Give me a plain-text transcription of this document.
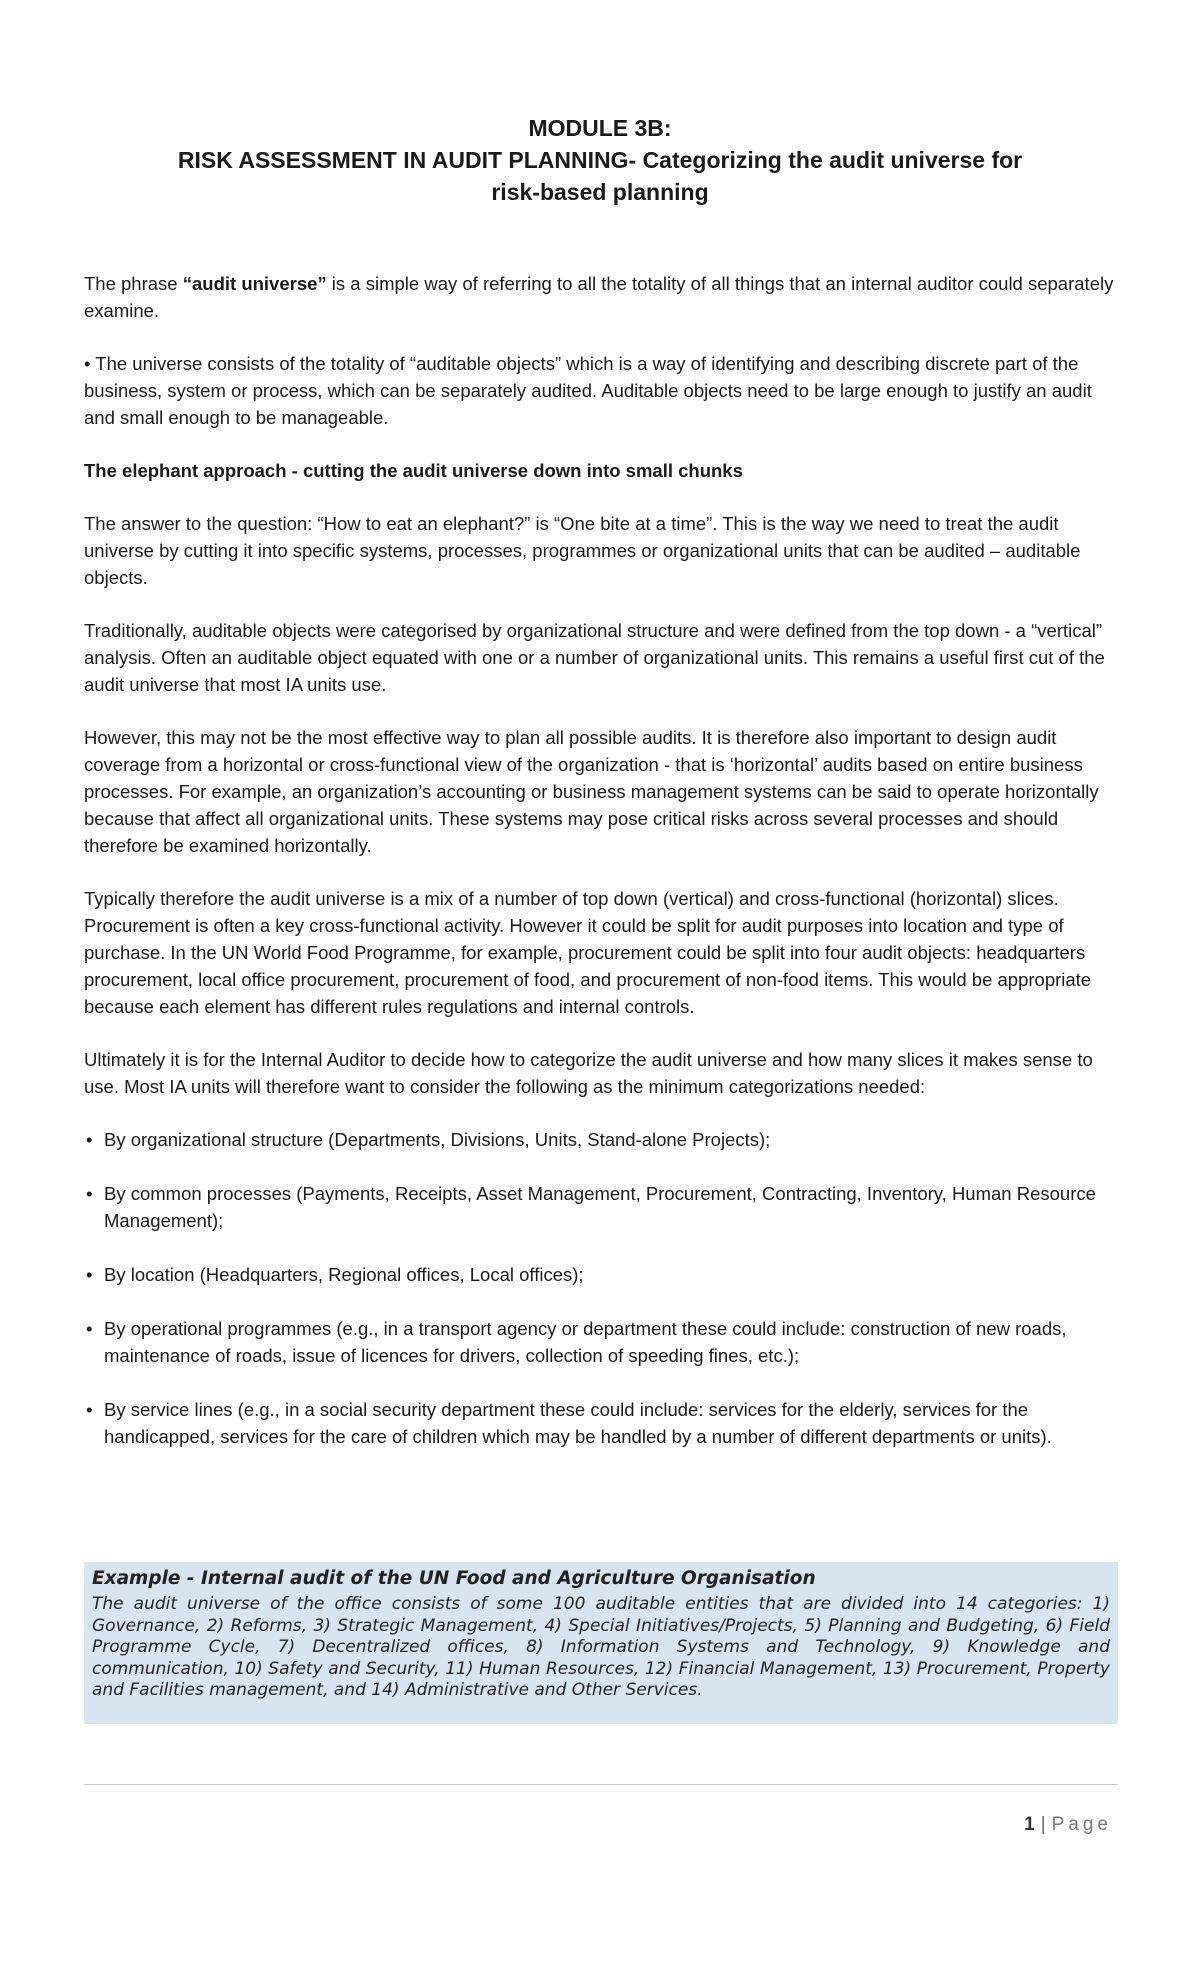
MODULE 3B:
RISK ASSESSMENT IN AUDIT PLANNING- Categorizing the audit universe for
risk-based planning

The phrase “audit universe” is a simple way of referring to all the totality of all things that an internal auditor could separately examine.

• The universe consists of the totality of “auditable objects” which is a way of identifying and describing discrete part of the business, system or process, which can be separately audited. Auditable objects need to be large enough to justify an audit and small enough to be manageable.

The elephant approach - cutting the audit universe down into small chunks

The answer to the question: “How to eat an elephant?” is “One bite at a time”. This is the way we need to treat the audit universe by cutting it into specific systems, processes, programmes or organizational units that can be audited – auditable objects.

Traditionally, auditable objects were categorised by organizational structure and were defined from the top down - a “vertical” analysis. Often an auditable object equated with one or a number of organizational units. This remains a useful first cut of the audit universe that most IA units use.

However, this may not be the most effective way to plan all possible audits. It is therefore also important to design audit coverage from a horizontal or cross-functional view of the organization - that is ‘horizontal’ audits based on entire business processes. For example, an organization’s accounting or business management systems can be said to operate horizontally because that affect all organizational units. These systems may pose critical risks across several processes and should therefore be examined horizontally.

Typically therefore the audit universe is a mix of a number of top down (vertical) and cross-functional (horizontal) slices. Procurement is often a key cross-functional activity. However it could be split for audit purposes into location and type of purchase. In the UN World Food Programme, for example, procurement could be split into four audit objects: headquarters procurement, local office procurement, procurement of food, and procurement of non-food items. This would be appropriate because each element has different rules regulations and internal controls.

Ultimately it is for the Internal Auditor to decide how to categorize the audit universe and how many slices it makes sense to use. Most IA units will therefore want to consider the following as the minimum categorizations needed:

• By organizational structure (Departments, Divisions, Units, Stand-alone Projects);
• By common processes (Payments, Receipts, Asset Management, Procurement, Contracting, Inventory, Human Resource Management);
• By location (Headquarters, Regional offices, Local offices);
• By operational programmes (e.g., in a transport agency or department these could include: construction of new roads, maintenance of roads, issue of licences for drivers, collection of speeding fines, etc.);
• By service lines (e.g., in a social security department these could include: services for the elderly, services for the handicapped, services for the care of children which may be handled by a number of different departments or units).
Example - Internal audit of the UN Food and Agriculture Organisation
The audit universe of the office consists of some 100 auditable entities that are divided into 14 categories: 1) Governance, 2) Reforms, 3) Strategic Management, 4) Special Initiatives/Projects, 5) Planning and Budgeting, 6) Field Programme Cycle, 7) Decentralized offices, 8) Information Systems and Technology, 9) Knowledge and communication, 10) Safety and Security, 11) Human Resources, 12) Financial Management, 13) Procurement, Property and Facilities management, and 14) Administrative and Other Services.
1 | Page
